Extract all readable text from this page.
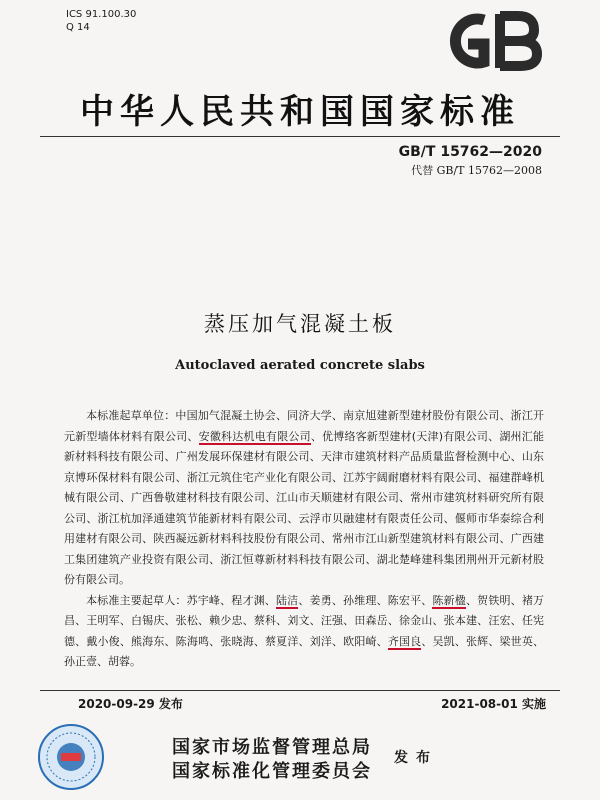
ICS 91.100.30
Q 14
中华人民共和国国家标准
GB/T 15762—2020
代替 GB/T 15762—2008
蒸压加气混凝土板
Autoclaved aerated concrete slabs

本标准起草单位：中国加气混凝土协会、同济大学、南京旭建新型建材股份有限公司、浙江开元新型墙体材料有限公司、安徽科达机电有限公司、优博络客新型建材(天津)有限公司、湖州汇能新材料科技有限公司、广州发展环保建材有限公司、天津市建筑材料产品质量监督检测中心、山东京博环保材料有限公司、浙江元筑住宅产业化有限公司、江苏宇阔耐磨材料有限公司、福建群峰机械有限公司、广西鲁敬建材科技有限公司、江山市天顺建材有限公司、常州市建筑材料研究所有限公司、浙江杭加泽通建筑节能新材料有限公司、云浮市贝融建材有限责任公司、偃师市华泰综合利用建材有限公司、陕西凝远新材料科技股份有限公司、常州市江山新型建筑材料有限公司、广西建工集团建筑产业投资有限公司、浙江恒尊新材料科技有限公司、湖北楚峰建科集团荆州开元新材股份有限公司。

本标准主要起草人：苏宇峰、程才渊、陆洁、姜勇、孙维理、陈宏平、陈新楹、贺铁明、褚万昌、王明军、白锡庆、张松、赖少忠、蔡科、刘文、汪强、田森岳、徐金山、张本建、汪宏、任宪德、戴小俊、熊海东、陈海鸣、张晓海、蔡夏洋、刘洋、欧阳崎、齐国良、吴凯、张辉、梁世英、孙正壹、胡蓉。

2020-09-29 发布	2021-08-01 实施
国家市场监督管理总局
国家标准化管理委员会
发布
